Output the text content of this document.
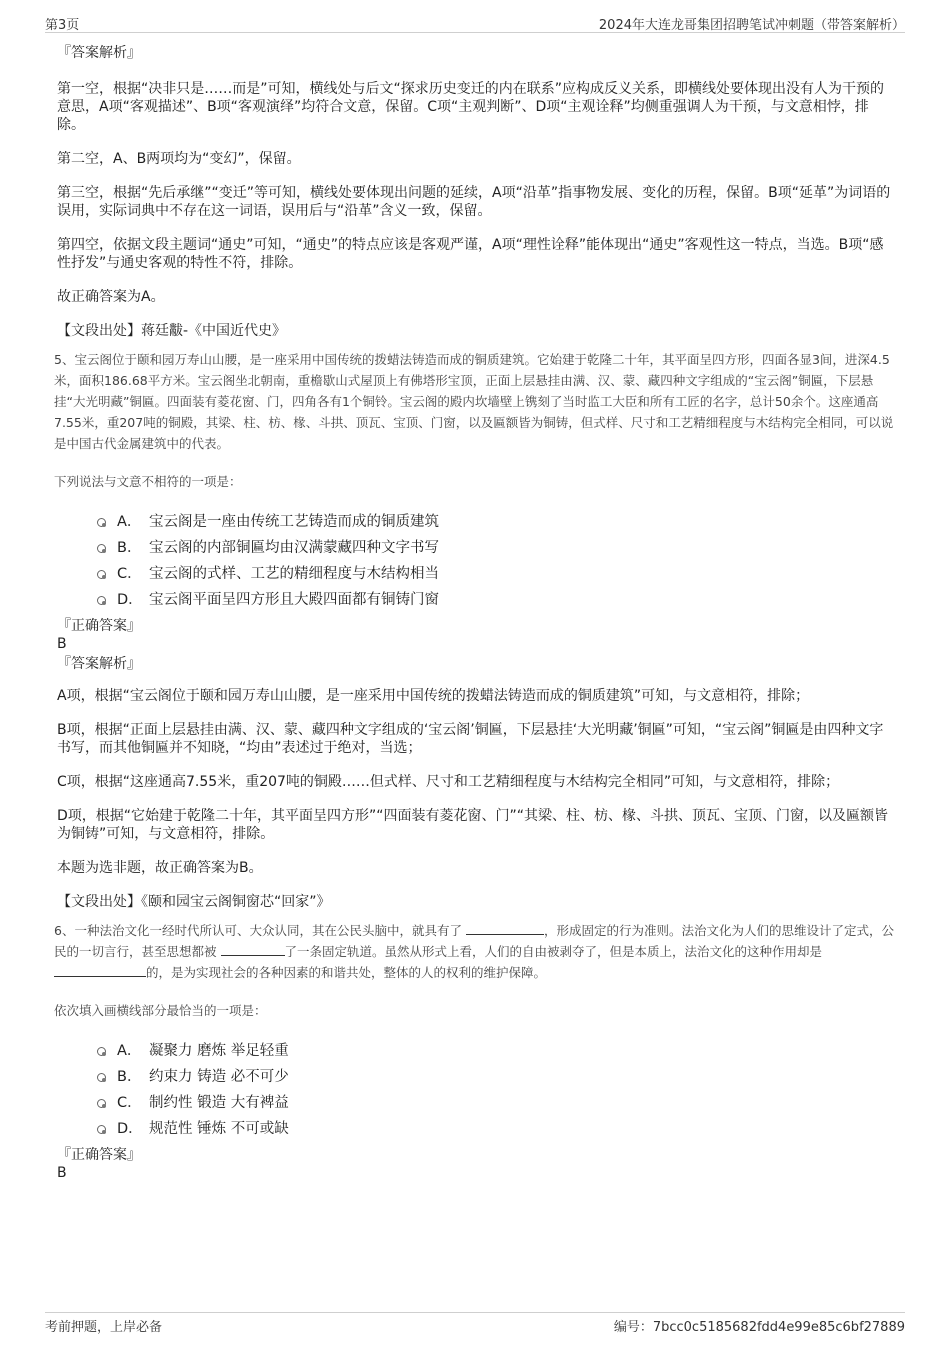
第3页	2024年大连龙哥集团招聘笔试冲刺题（带答案解析）
『答案解析』
第一空，根据“决非只是……而是”可知，横线处与后文“探求历史变迁的内在联系”应构成反义关系，即横线处要体现出没有人为干预的意思，A项“客观描述”、B项“客观演绎”均符合文意，保留。C项“主观判断”、D项“主观诠释”均侧重强调人为干预，与文意相悖，排除。
第二空，A、B两项均为“变幻”，保留。
第三空，根据“先后承继”“变迁”等可知，横线处要体现出问题的延续，A项“沿革”指事物发展、变化的历程，保留。B项“延革”为词语的误用，实际词典中不存在这一词语，误用后与“沿革”含义一致，保留。
第四空，依据文段主题词“通史”可知，“通史”的特点应该是客观严谨，A项“理性诠释”能体现出“通史”客观性这一特点，当选。B项“感性抒发”与通史客观的特性不符，排除。
故正确答案为A。
【文段出处】蒋廷黻-《中国近代史》
5、宝云阁位于颐和园万寿山山腰，是一座采用中国传统的拨蜡法铸造而成的铜质建筑。它始建于乾隆二十年，其平面呈四方形，四面各显3间，进深4.5米，面积186.68平方米。宝云阁坐北朝南，重檐歇山式屋顶上有佛塔形宝顶，正面上层悬挂由满、汉、蒙、藏四种文字组成的“宝云阁”铜匾，下层悬挂“大光明藏”铜匾。四面装有菱花窗、门，四角各有1个铜铃。宝云阁的殿内坎墙壁上镌刻了当时监工大臣和所有工匠的名字，总计50余个。这座通高7.55米，重207吨的铜殿，其梁、柱、枋、椽、斗拱、顶瓦、宝顶、门窗，以及匾额皆为铜铸，但式样、尺寸和工艺精细程度与木结构完全相同，可以说是中国古代金属建筑中的代表。
下列说法与文意不相符的一项是：
A． 宝云阁是一座由传统工艺铸造而成的铜质建筑
B． 宝云阁的内部铜匾均由汉满蒙藏四种文字书写
C． 宝云阁的式样、工艺的精细程度与木结构相当
D． 宝云阁平面呈四方形且大殿四面都有铜铸门窗
『正确答案』
B
『答案解析』
A项，根据“宝云阁位于颐和园万寿山山腰，是一座采用中国传统的拨蜡法铸造而成的铜质建筑”可知，与文意相符，排除；
B项，根据“正面上层悬挂由满、汉、蒙、藏四种文字组成的‘宝云阁’铜匾，下层悬挂‘大光明藏’铜匾”可知，“宝云阁”铜匾是由四种文字书写，而其他铜匾并不知晓，“均由”表述过于绝对，当选；
C项，根据“这座通高7.55米，重207吨的铜殿……但式样、尺寸和工艺精细程度与木结构完全相同”可知，与文意相符，排除；
D项，根据“它始建于乾隆二十年，其平面呈四方形”“四面装有菱花窗、门”“其梁、柱、枋、椽、斗拱、顶瓦、宝顶、门窗，以及匾额皆为铜铸”可知，与文意相符，排除。
本题为选非题，故正确答案为B。
【文段出处】《颐和园宝云阁铜窗芯“回家”》
6、一种法治文化一经时代所认可、大众认同，其在公民头脑中，就具有了	，形成固定的行为准则。法治文化为人们的思维设计了定式，公民的一切言行，甚至思想都被	了一条固定轨道。虽然从形式上看，人们的自由被剥夺了，但是本质上，法治文化的这种作用却是 的，是为实现社会的各种因素的和谐共处，整体的人的权利的维护保障。
依次填入画横线部分最恰当的一项是：
A． 凝聚力 磨炼 举足轻重
B． 约束力 铸造 必不可少
C． 制约性 锻造 大有裨益
D． 规范性 锤炼 不可或缺
『正确答案』
B
考前押题，上岸必备	编号：7bcc0c5185682fdd4e99e85c6bf27889
